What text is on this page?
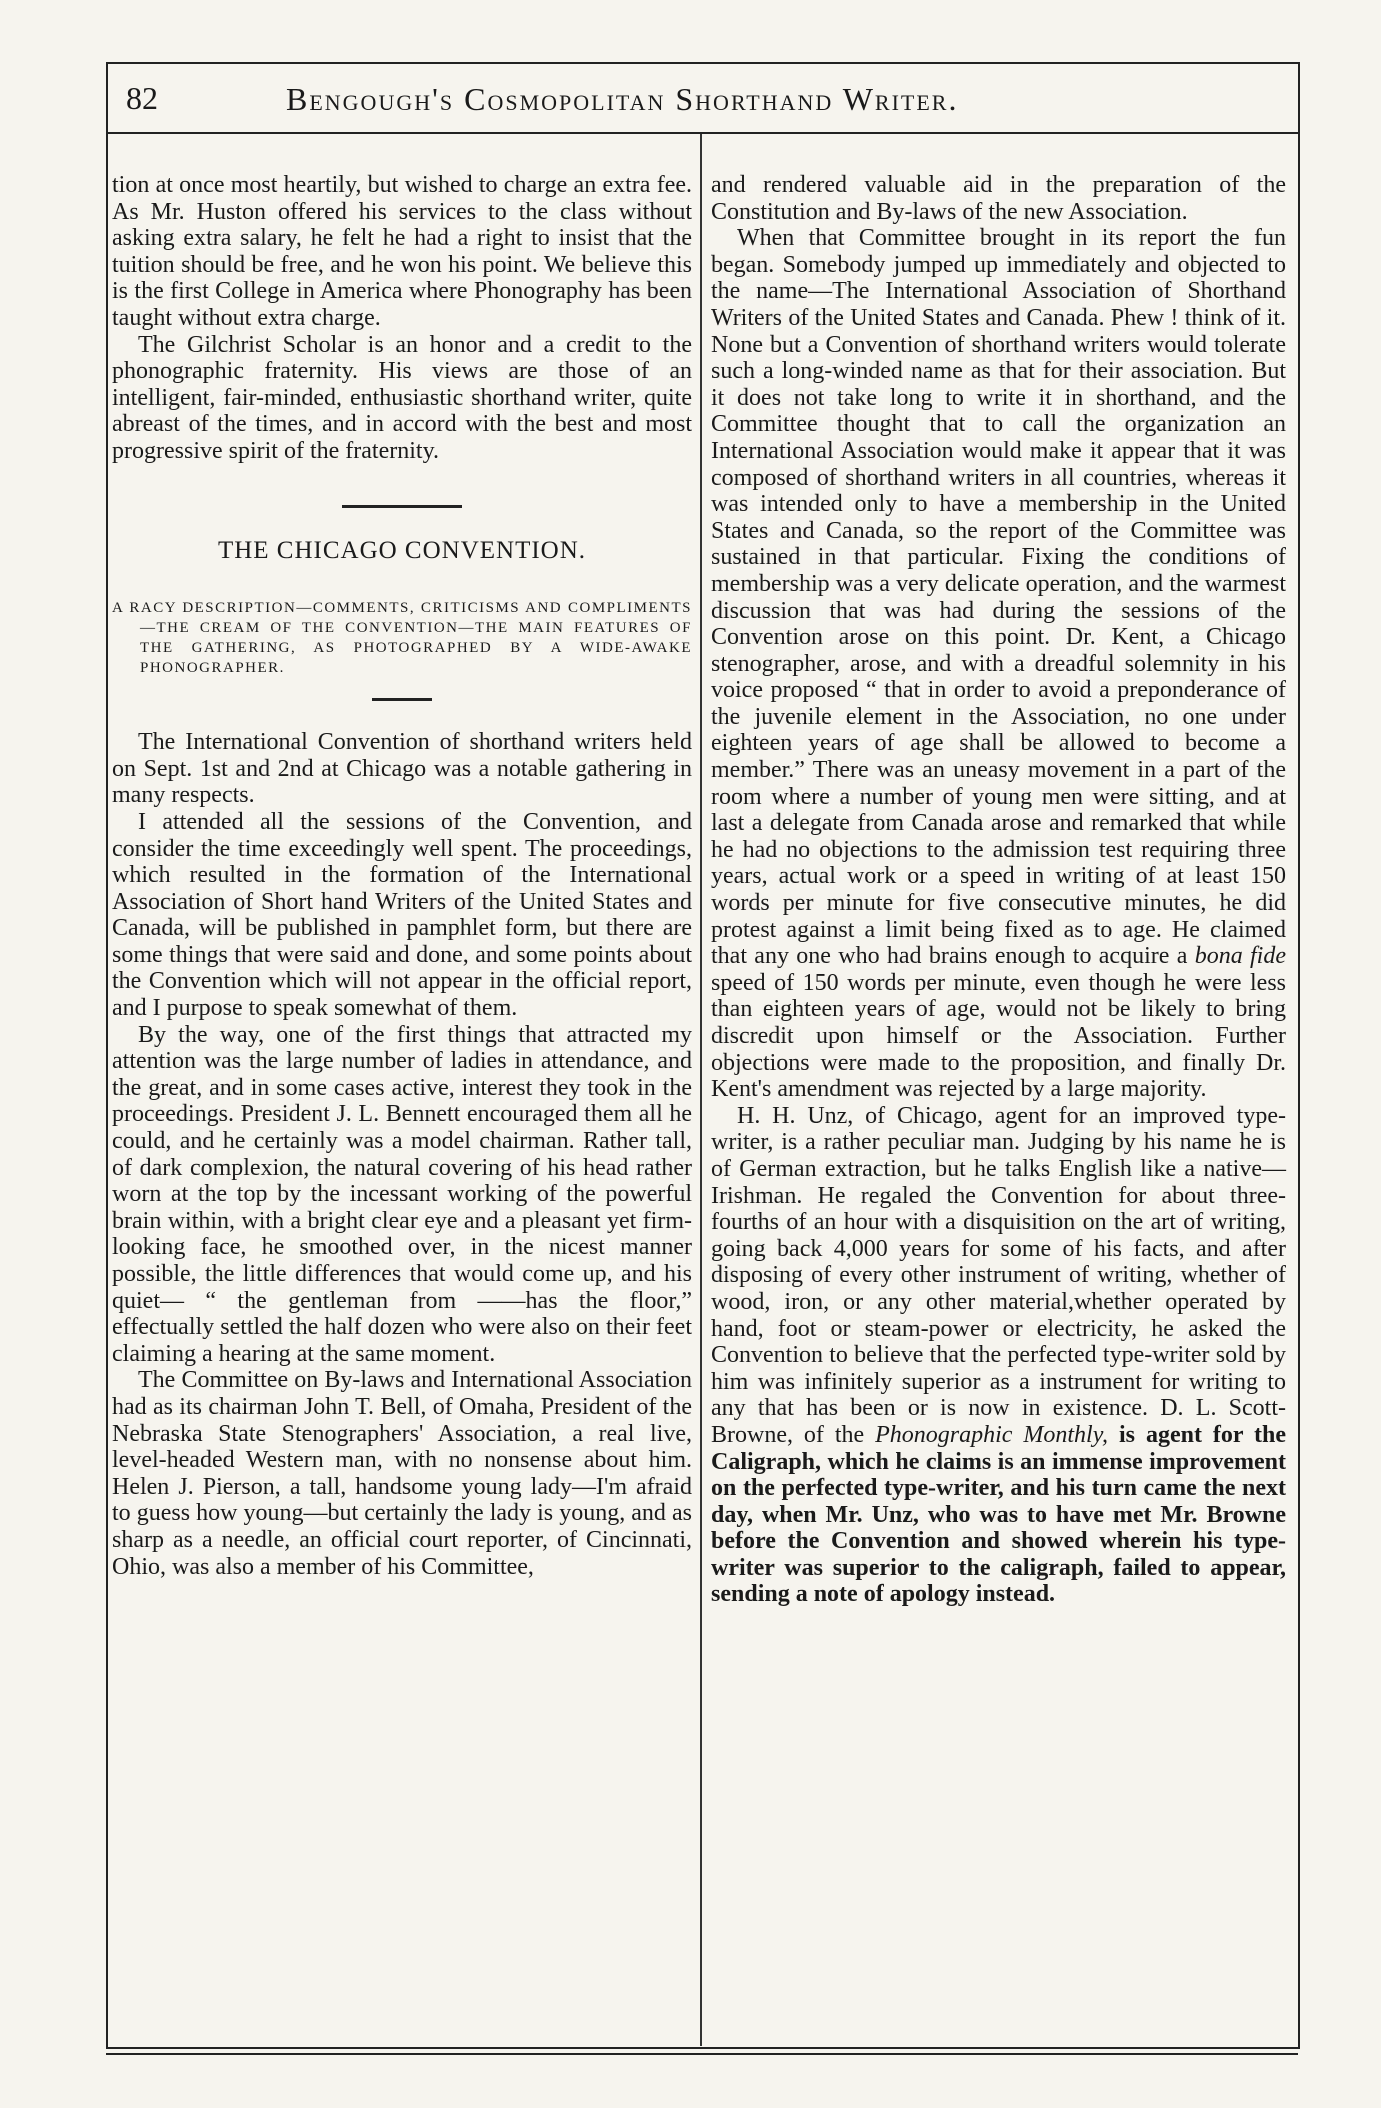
82	Bengough's Cosmopolitan Shorthand Writer.

tion at once most heartily, but wished to charge an extra fee. As Mr. Huston offered his services to the class without asking extra salary, he felt he had a right to insist that the tuition should be free, and he won his point. We believe this is the first College in America where Phonography has been taught without extra charge.

The Gilchrist Scholar is an honor and a credit to the phonographic fraternity. His views are those of an intelligent, fair-minded, enthusiastic shorthand writer, quite abreast of the times, and in accord with the best and most progressive spirit of the fraternity.

THE CHICAGO CONVENTION.

A RACY DESCRIPTION—COMMENTS, CRITICISMS AND COMPLIMENTS—THE CREAM OF THE CONVENTION—THE MAIN FEATURES OF THE GATHERING, AS PHOTOGRAPHED BY A WIDE-AWAKE PHONOGRAPHER.

The International Convention of shorthand writers held on Sept. 1st and 2nd at Chicago was a notable gathering in many respects.

I attended all the sessions of the Convention, and consider the time exceedingly well spent. The proceedings, which resulted in the formation of the International Association of Short hand Writers of the United States and Canada, will be published in pamphlet form, but there are some things that were said and done, and some points about the Convention which will not appear in the official report, and I purpose to speak somewhat of them.

By the way, one of the first things that attracted my attention was the large number of ladies in attendance, and the great, and in some cases active, interest they took in the proceedings. President J. L. Bennett encouraged them all he could, and he certainly was a model chairman. Rather tall, of dark complexion, the natural covering of his head rather worn at the top by the incessant working of the powerful brain within, with a bright clear eye and a pleasant yet firm-looking face, he smoothed over, in the nicest manner possible, the little differences that would come up, and his quiet— “ the gentleman from ——has the floor,” effectually settled the half dozen who were also on their feet claiming a hearing at the same moment.

The Committee on By-laws and International Association had as its chairman John T. Bell, of Omaha, President of the Nebraska State Stenographers' Association, a real live, level-headed Western man, with no nonsense about him. Helen J. Pierson, a tall, handsome young lady—I'm afraid to guess how young—but certainly the lady is young, and as sharp as a needle, an official court reporter, of Cincinnati, Ohio, was also a member of his Committee,

and rendered valuable aid in the preparation of the Constitution and By-laws of the new Association.

When that Committee brought in its report the fun began. Somebody jumped up immediately and objected to the name—The International Association of Shorthand Writers of the United States and Canada. Phew ! think of it. None but a Convention of shorthand writers would tolerate such a long-winded name as that for their association. But it does not take long to write it in shorthand, and the Committee thought that to call the organization an International Association would make it appear that it was composed of shorthand writers in all countries, whereas it was intended only to have a membership in the United States and Canada, so the report of the Committee was sustained in that particular. Fixing the conditions of membership was a very delicate operation, and the warmest discussion that was had during the sessions of the Convention arose on this point. Dr. Kent, a Chicago stenographer, arose, and with a dreadful solemnity in his voice proposed “ that in order to avoid a preponderance of the juvenile element in the Association, no one under eighteen years of age shall be allowed to become a member.” There was an uneasy movement in a part of the room where a number of young men were sitting, and at last a delegate from Canada arose and remarked that while he had no objections to the admission test requiring three years, actual work or a speed in writing of at least 150 words per minute for five consecutive minutes, he did protest against a limit being fixed as to age. He claimed that any one who had brains enough to acquire a bona fide speed of 150 words per minute, even though he were less than eighteen years of age, would not be likely to bring discredit upon himself or the Association. Further objections were made to the proposition, and finally Dr. Kent's amendment was rejected by a large majority.

H. H. Unz, of Chicago, agent for an improved type-writer, is a rather peculiar man. Judging by his name he is of German extraction, but he talks English like a native—Irishman. He regaled the Convention for about three-fourths of an hour with a disquisition on the art of writing, going back 4,000 years for some of his facts, and after disposing of every other instrument of writing, whether of wood, iron, or any other material,whether operated by hand, foot or steam-power or electricity, he asked the Convention to believe that the perfected type-writer sold by him was infinitely superior as a instrument for writing to any that has been or is now in existence. D. L. Scott-Browne, of the Phonographic Monthly, is agent for the Caligraph, which he claims is an immense improvement on the perfected type-writer, and his turn came the next day, when Mr. Unz, who was to have met Mr. Browne before the Convention and showed wherein his type-writer was superior to the caligraph, failed to appear, sending a note of apology instead.
